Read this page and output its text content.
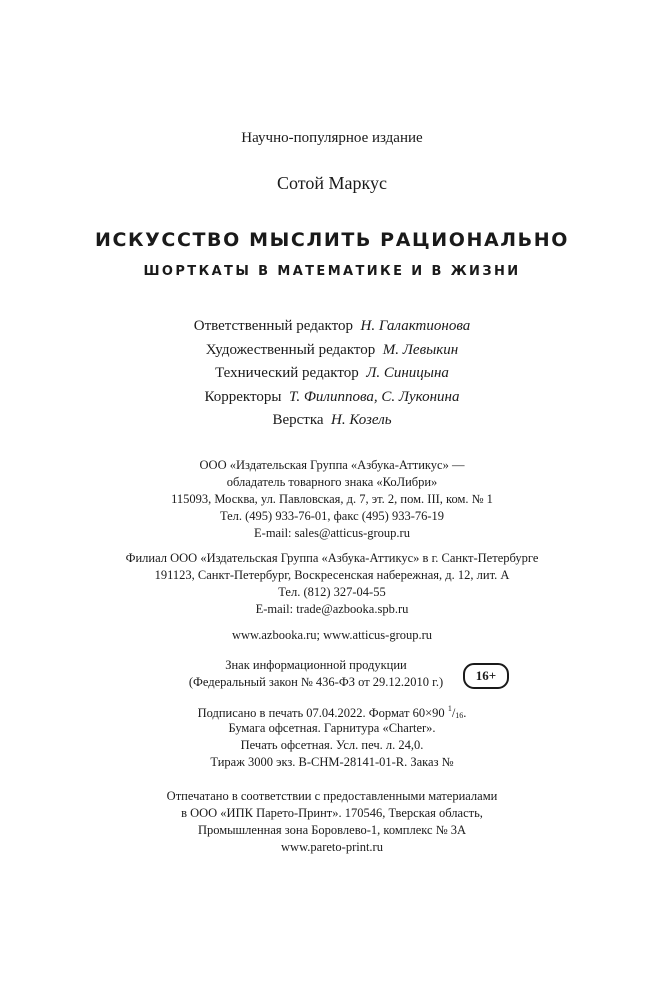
Научно-популярное издание
Сотой Маркус
ИСКУССТВО МЫСЛИТЬ РАЦИОНАЛЬНО
ШОРТКАТЫ В МАТЕМАТИКЕ И В ЖИЗНИ
Ответственный редактор Н. Галактионова
Художественный редактор М. Левыкин
Технический редактор Л. Синицына
Корректоры Т. Филиппова, С. Луконина
Верстка Н. Козель
ООО «Издательская Группа «Азбука-Аттикус» —
обладатель товарного знака «КоЛибри»
115093, Москва, ул. Павловская, д. 7, эт. 2, пом. III, ком. № 1
Тел. (495) 933-76-01, факс (495) 933-76-19
E-mail: sales@atticus-group.ru
Филиал ООО «Издательская Группа «Азбука-Аттикус» в г. Санкт-Петербурге
191123, Санкт-Петербург, Воскресенская набережная, д. 12, лит. А
Тел. (812) 327-04-55
E-mail: trade@azbooka.spb.ru
www.azbooka.ru; www.atticus-group.ru
Знак информационной продукции
(Федеральный закон № 436-ФЗ от 29.12.2010 г.)	16+
Подписано в печать 07.04.2022. Формат 60×90 $^1/_{16}$.
Бумага офсетная. Гарнитура «Charter».
Печать офсетная. Усл. печ. л. 24,0.
Тираж 3000 экз. B-CHM-28141-01-R. Заказ №
Отпечатано в соответствии с предоставленными материалами
в ООО «ИПК Парето-Принт». 170546, Тверская область,
Промышленная зона Боровлево-1, комплекс № 3А
www.pareto-print.ru
